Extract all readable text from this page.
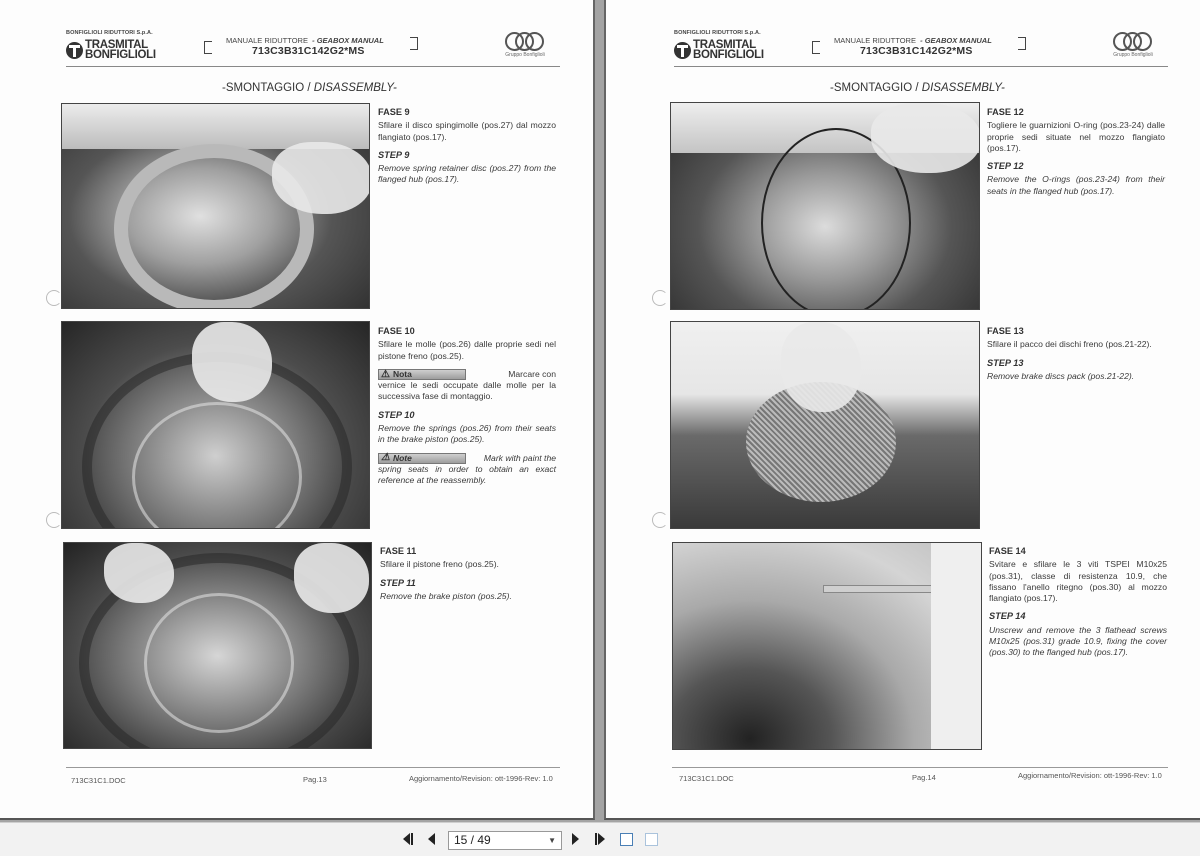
BONFIGLIOLI RIDUTTORI S.p.A.
TRASMITAL
BONFIGLIOLI
MANUALE RIDUTTORE - GEABOX MANUAL
713C3B31C142G2*MS	Gruppo Bonfiglioli
-SMONTAGGIO / DISASSEMBLY-
FASE 9
Sfilare il disco spingimolle (pos.27) dal mozzo flangiato (pos.17).
STEP 9
Remove spring retainer disc (pos.27) from the flanged hub (pos.17).
FASE 10
Sfilare le molle (pos.26) dalle proprie sedi nel pistone freno (pos.25).
⚠ Nota	Marcare con
vernice le sedi occupate dalle molle per la successiva fase di montaggio.
STEP 10
Remove the springs (pos.26) from their seats in the brake piston (pos.25).
⚠ Note	Mark with paint the
spring seats in order to obtain an exact reference at the reassembly.
FASE 11
Sfilare il pistone freno (pos.25).
STEP 11
Remove the brake piston (pos.25).
713C31C1.DOC	Pag.13	Aggiornamento/Revision: ott-1996-Rev: 1.0
BONFIGLIOLI RIDUTTORI S.p.A.
TRASMITAL
BONFIGLIOLI
MANUALE RIDUTTORE - GEABOX MANUAL
713C3B31C142G2*MS	Gruppo Bonfiglioli
-SMONTAGGIO / DISASSEMBLY-
FASE 12
Togliere le guarnizioni O-ring (pos.23-24) dalle proprie sedi situate nel mozzo flangiato (pos.17).
STEP 12
Remove the O-rings (pos.23-24) from their seats in the flanged hub (pos.17).
FASE 13
Sfilare il pacco dei dischi freno (pos.21-22).
STEP 13
Remove brake discs pack (pos.21-22).
FASE 14
Svitare e sfilare le 3 viti TSPEI M10x25 (pos.31), classe di resistenza 10.9, che fissano l'anello ritegno (pos.30) al mozzo flangiato (pos.17).
STEP 14
Unscrew and remove the 3 flathead screws M10x25 (pos.31) grade 10.9, fixing the cover (pos.30) to the flanged hub (pos.17).
713C31C1.DOC	Pag.14	Aggiornamento/Revision: ott-1996-Rev: 1.0
15 / 49	▼
